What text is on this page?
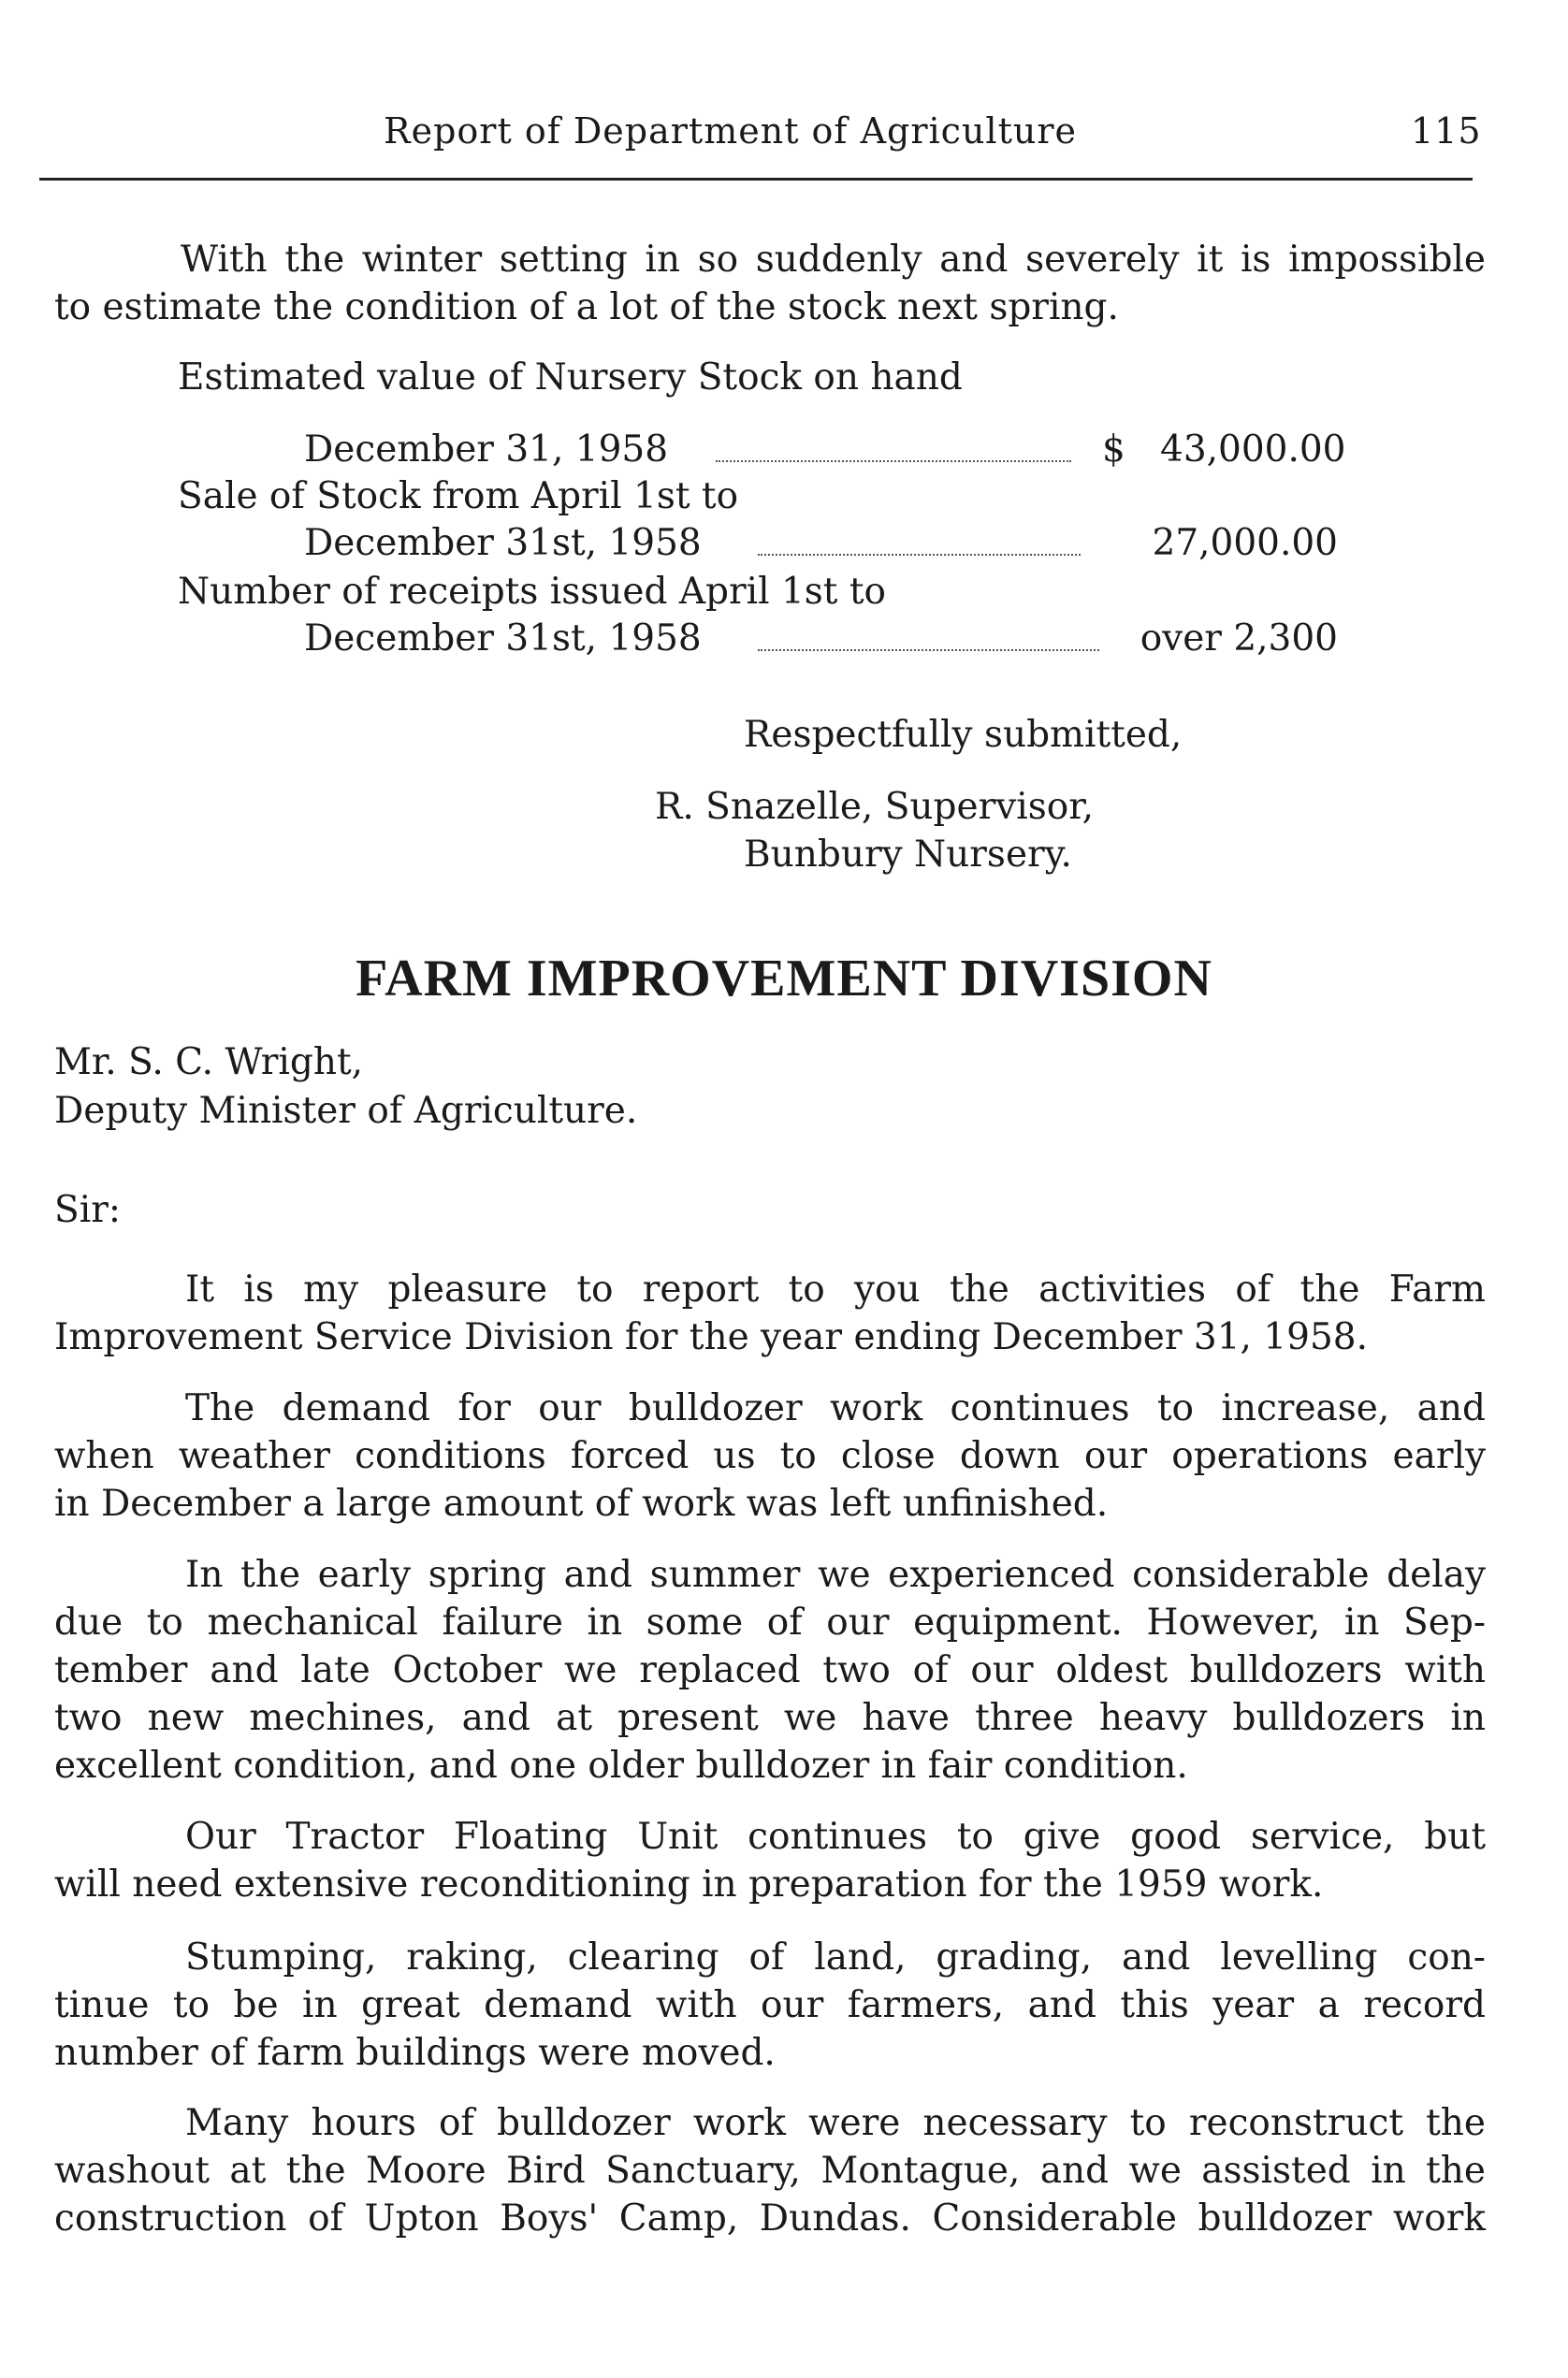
Report of Department of Agriculture	115
With the winter setting in so suddenly and severely it is impossible
to estimate the condition of a lot of the stock next spring.
Estimated value of Nursery Stock on hand
December 31, 1958	$ 43,000.00
Sale of Stock from April 1st to
December 31st, 1958	27,000.00
Number of receipts issued April 1st to
December 31st, 1958	over 2,300
Respectfully submitted,
R. Snazelle, Supervisor,
Bunbury Nursery.
FARM IMPROVEMENT DIVISION
Mr. S. C. Wright,
Deputy Minister of Agriculture.
Sir:
It is my pleasure to report to you the activities of the Farm
Improvement Service Division for the year ending December 31, 1958.
The demand for our bulldozer work continues to increase, and
when weather conditions forced us to close down our operations early
in December a large amount of work was left unfinished.
In the early spring and summer we experienced considerable delay
due to mechanical failure in some of our equipment. However, in Sep-
tember and late October we replaced two of our oldest bulldozers with
two new mechines, and at present we have three heavy bulldozers in
excellent condition, and one older bulldozer in fair condition.
Our Tractor Floating Unit continues to give good service, but
will need extensive reconditioning in preparation for the 1959 work.
Stumping, raking, clearing of land, grading, and levelling con-
tinue to be in great demand with our farmers, and this year a record
number of farm buildings were moved.
Many hours of bulldozer work were necessary to reconstruct the
washout at the Moore Bird Sanctuary, Montague, and we assisted in the
construction of Upton Boys' Camp, Dundas. Considerable bulldozer work
